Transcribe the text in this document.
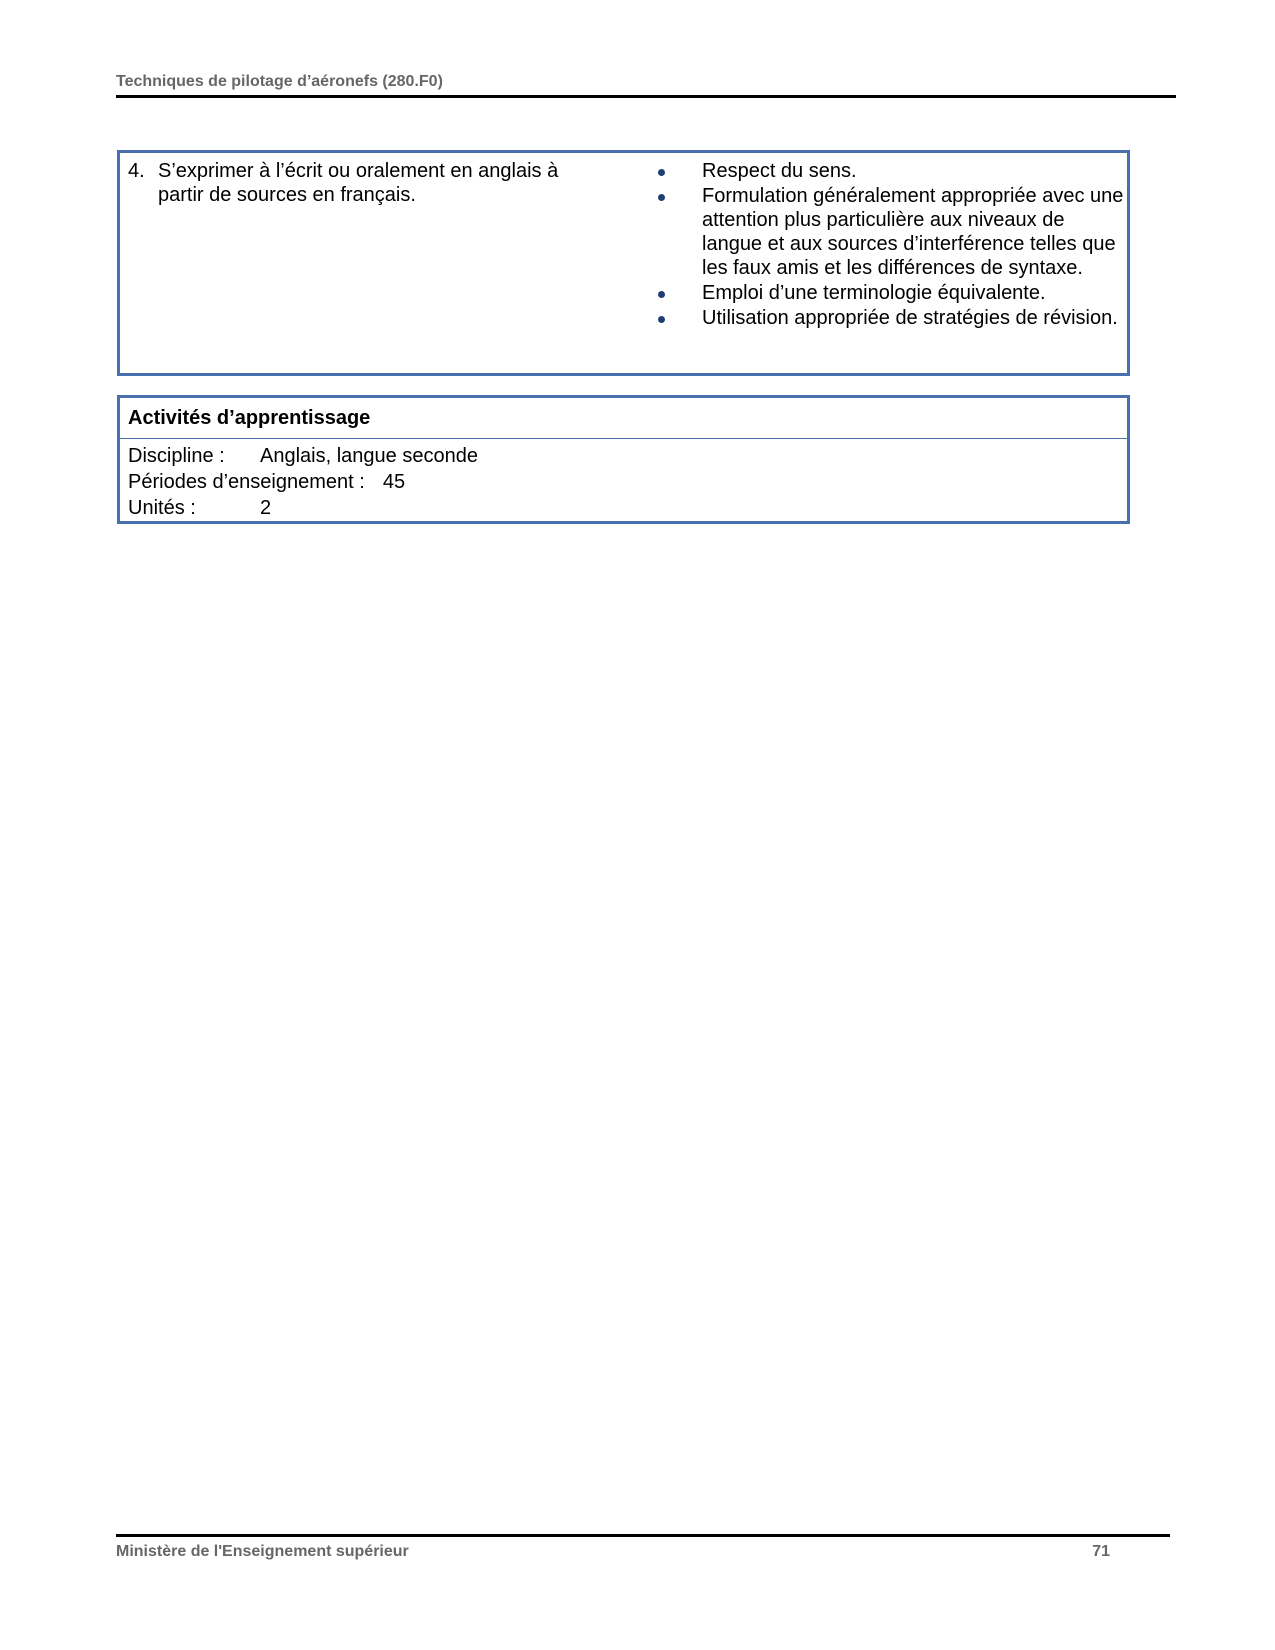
Techniques de pilotage d’aéronefs (280.F0)
4. S’exprimer à l’écrit ou oralement en anglais à partir de sources en français.
Respect du sens.
Formulation généralement appropriée avec une attention plus particulière aux niveaux de langue et aux sources d’interférence telles que les faux amis et les différences de syntaxe.
Emploi d’une terminologie équivalente.
Utilisation appropriée de stratégies de révision.
Activités d’apprentissage
Discipline : Anglais, langue seconde
Périodes d’enseignement : 45
Unités :	2
Ministère de l'Enseignement supérieur	71
